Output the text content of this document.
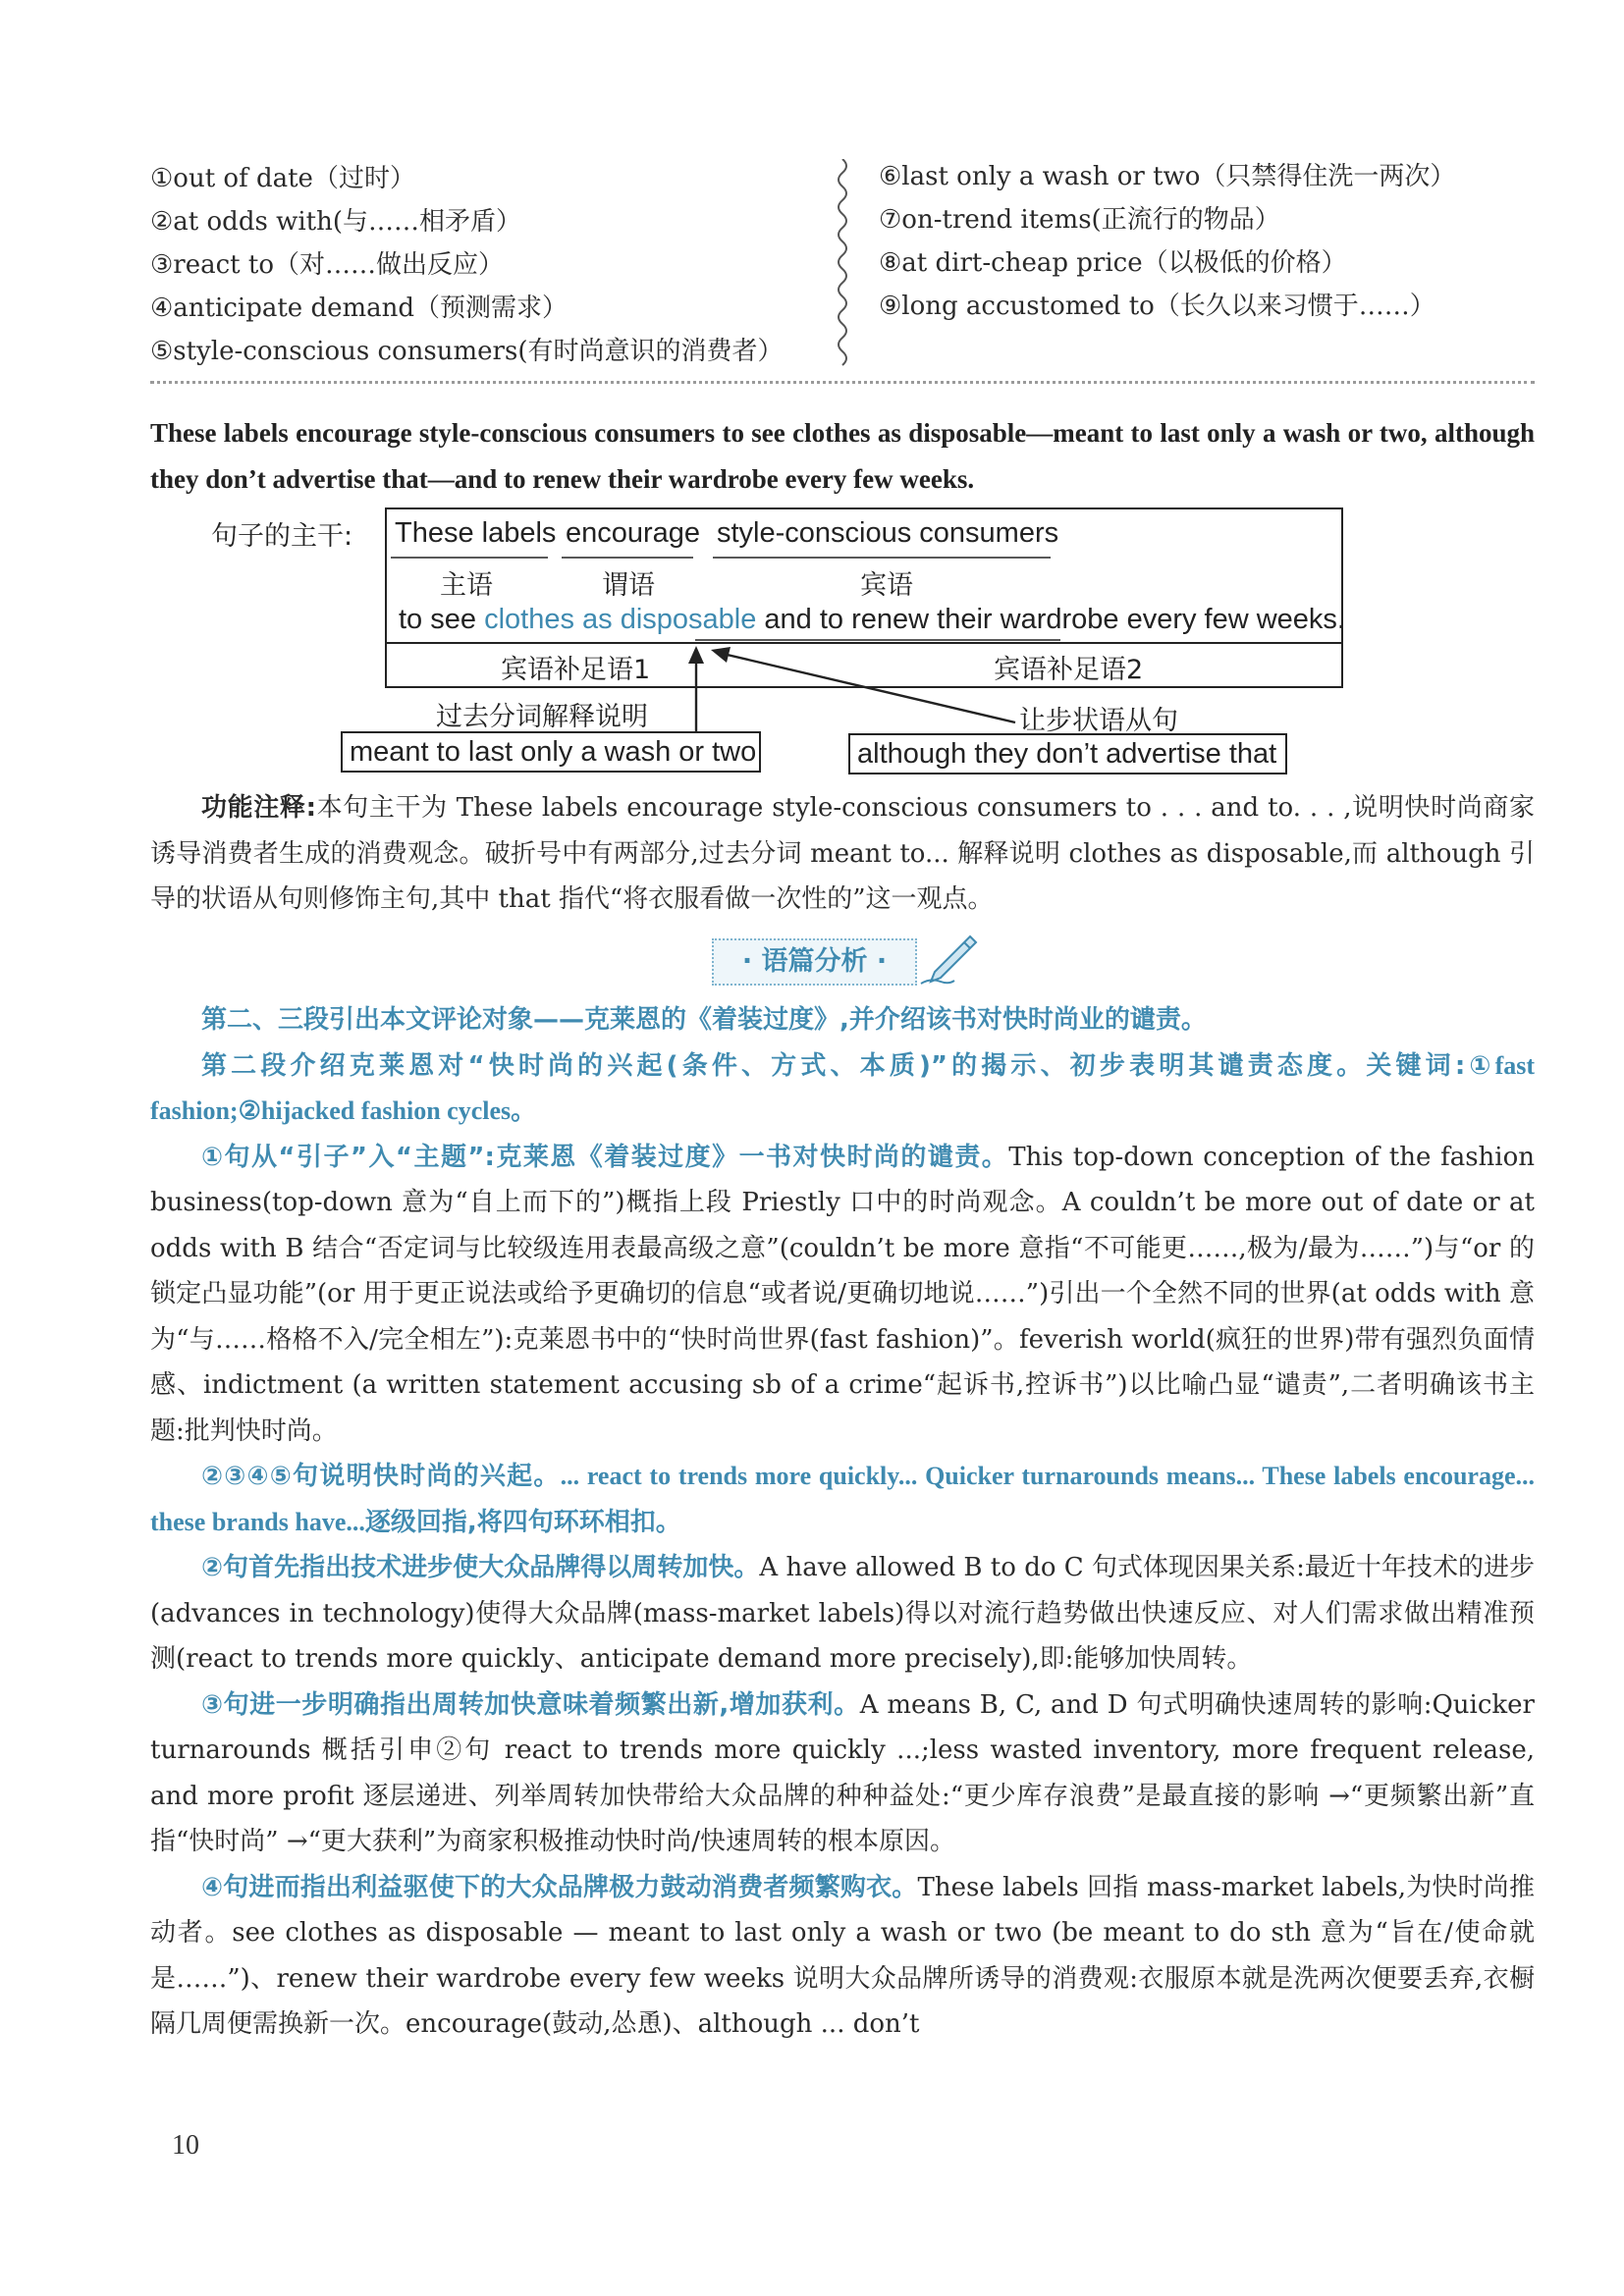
①out of date（过时）
②at odds with(与……相矛盾）
③react to（对……做出反应）
④anticipate demand（预测需求）
⑤style-conscious consumers(有时尚意识的消费者）
⑥last only a wash or two（只禁得住洗一两次）
⑦on-trend items(正流行的物品）
⑧at dirt-cheap price（以极低的价格）
⑨long accustomed to（长久以来习惯于……）
These labels encourage style-conscious consumers to see clothes as disposable—meant to last only a wash or two, although they don’t advertise that—and to renew their wardrobe every few weeks.
句子的主干: These labels encourage style-conscious consumers
主语	谓语	宾语
to see clothes as disposable and to renew their wardrobe every few weeks.
宾语补足语1	宾语补足语2
过去分词解释说明	让步状语从句
meant to last only a wash or two	although they don’t advertise that

功能注释:本句主干为 These labels encourage style-conscious consumers to . . . and to. . . ,说明快时尚商家诱导消费者生成的消费观念。破折号中有两部分,过去分词 meant to... 解释说明 clothes as disposable,而 although 引导的状语从句则修饰主句,其中 that 指代“将衣服看做一次性的”这一观点。

· 语篇分析 ·

第二、三段引出本文评论对象——克莱恩的《着装过度》,并介绍该书对快时尚业的谴责。

第二段介绍克莱恩对“快时尚的兴起(条件、方式、本质)”的揭示、初步表明其谴责态度。关键词:①fast fashion;②hijacked fashion cycles。

①句从“引子”入“主题”:克莱恩《着装过度》一书对快时尚的谴责。This top-down conception of the fashion business(top-down 意为“自上而下的”)概指上段 Priestly 口中的时尚观念。A couldn’t be more out of date or at odds with B 结合“否定词与比较级连用表最高级之意”(couldn’t be more 意指“不可能更……,极为/最为……”)与“or 的锁定凸显功能”(or 用于更正说法或给予更确切的信息“或者说/更确切地说……”)引出一个全然不同的世界(at odds with 意为“与……格格不入/完全相左”):克莱恩书中的“快时尚世界(fast fashion)”。feverish world(疯狂的世界)带有强烈负面情感、indictment (a written statement accusing sb of a crime“起诉书,控诉书”)以比喻凸显“谴责”,二者明确该书主题:批判快时尚。

②③④⑤句说明快时尚的兴起。... react to trends more quickly... Quicker turnarounds means... These labels encourage... these brands have...逐级回指,将四句环环相扣。

②句首先指出技术进步使大众品牌得以周转加快。A have allowed B to do C 句式体现因果关系:最近十年技术的进步(advances in technology)使得大众品牌(mass-market labels)得以对流行趋势做出快速反应、对人们需求做出精准预测(react to trends more quickly、anticipate demand more precisely),即:能够加快周转。

③句进一步明确指出周转加快意味着频繁出新,增加获利。A means B, C, and D 句式明确快速周转的影响:Quicker turnarounds 概括引申②句 react to trends more quickly ...;less wasted inventory, more frequent release, and more profit 逐层递进、列举周转加快带给大众品牌的种种益处:“更少库存浪费”是最直接的影响 →“更频繁出新”直指“快时尚” →“更大获利”为商家积极推动快时尚/快速周转的根本原因。

④句进而指出利益驱使下的大众品牌极力鼓动消费者频繁购衣。These labels 回指 mass-market labels,为快时尚推动者。see clothes as disposable — meant to last only a wash or two (be meant to do sth 意为“旨在/使命就是……”)、renew their wardrobe every few weeks 说明大众品牌所诱导的消费观:衣服原本就是洗两次便要丢弃,衣橱隔几周便需换新一次。encourage(鼓动,怂恿)、although ... don’t

10
